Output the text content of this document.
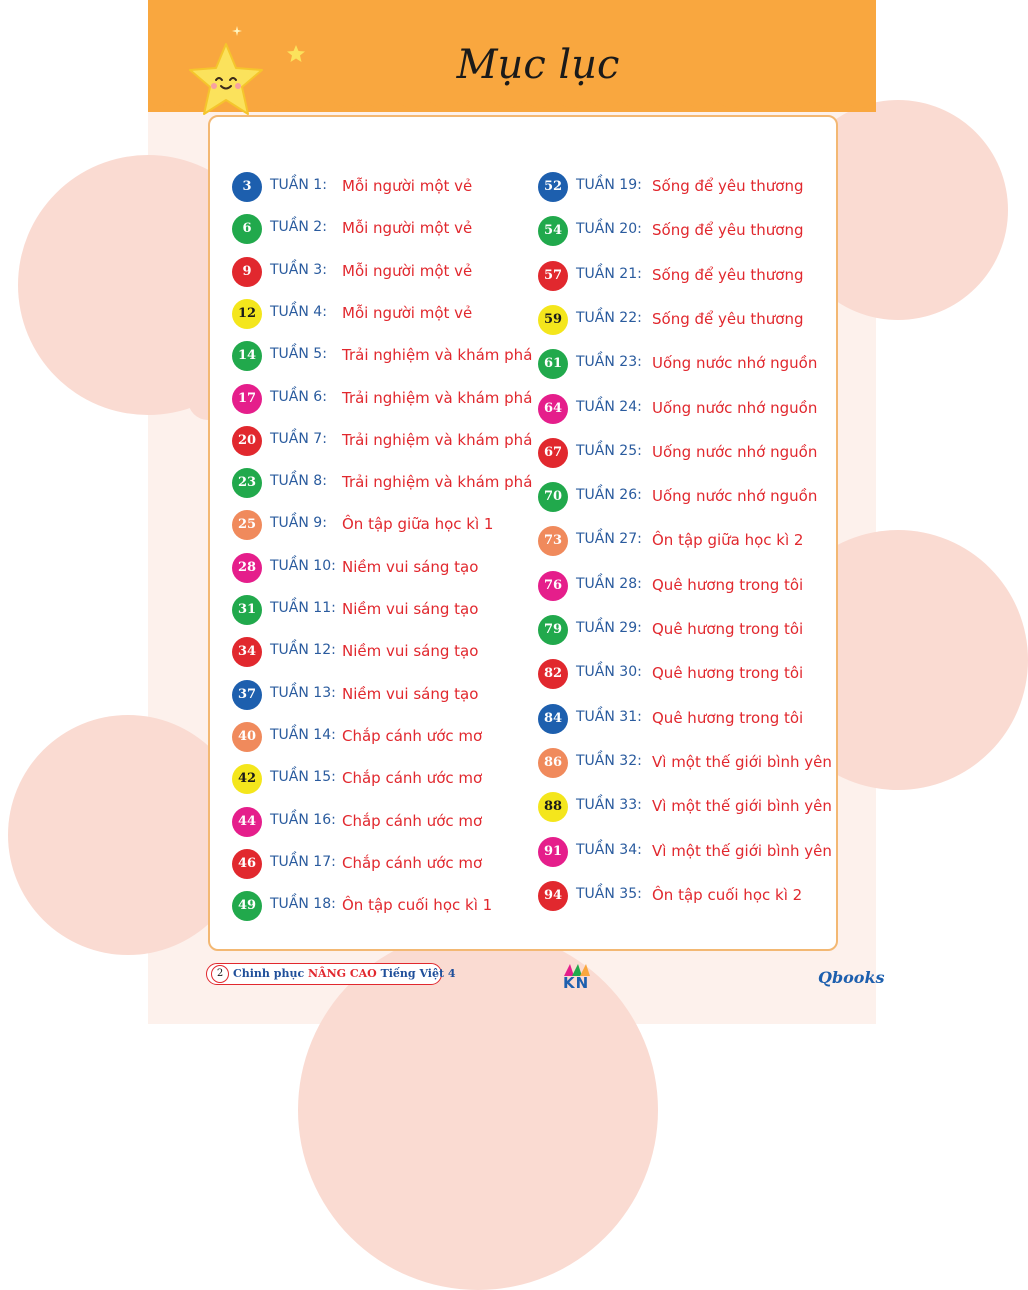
Mục lục
3	TUẦN 1: Mỗi người một vẻ
6	TUẦN 2: Mỗi người một vẻ
9	TUẦN 3: Mỗi người một vẻ
12 TUẦN 4: Mỗi người một vẻ
14 TUẦN 5: Trải nghiệm và khám phá
17 TUẦN 6: Trải nghiệm và khám phá
20 TUẦN 7: Trải nghiệm và khám phá
23 TUẦN 8: Trải nghiệm và khám phá
25 TUẦN 9: Ôn tập giữa học kì 1
28 TUẦN 10: Niềm vui sáng tạo
31 TUẦN 11: Niềm vui sáng tạo
34 TUẦN 12: Niềm vui sáng tạo
37 TUẦN 13: Niềm vui sáng tạo
40 TUẦN 14: Chắp cánh ước mơ
42 TUẦN 15: Chắp cánh ước mơ
44 TUẦN 16: Chắp cánh ước mơ
46 TUẦN 17: Chắp cánh ước mơ
49 TUẦN 18: Ôn tập cuối học kì 1
52 TUẦN 19: Sống để yêu thương
54 TUẦN 20: Sống để yêu thương
57 TUẦN 21: Sống để yêu thương
59 TUẦN 22: Sống để yêu thương
61 TUẦN 23: Uống nước nhớ nguồn
64 TUẦN 24: Uống nước nhớ nguồn
67 TUẦN 25: Uống nước nhớ nguồn
70 TUẦN 26: Uống nước nhớ nguồn
73 TUẦN 27: Ôn tập giữa học kì 2
76 TUẦN 28: Quê hương trong tôi
79 TUẦN 29: Quê hương trong tôi
82 TUẦN 30: Quê hương trong tôi
84 TUẦN 31: Quê hương trong tôi
86 TUẦN 32: Vì một thế giới bình yên
88 TUẦN 33: Vì một thế giới bình yên
91 TUẦN 34: Vì một thế giới bình yên
94 TUẦN 35: Ôn tập cuối học kì 2
2 Chinh phục NÂNG CAO Tiếng Việt 4
KN	Qbooks
